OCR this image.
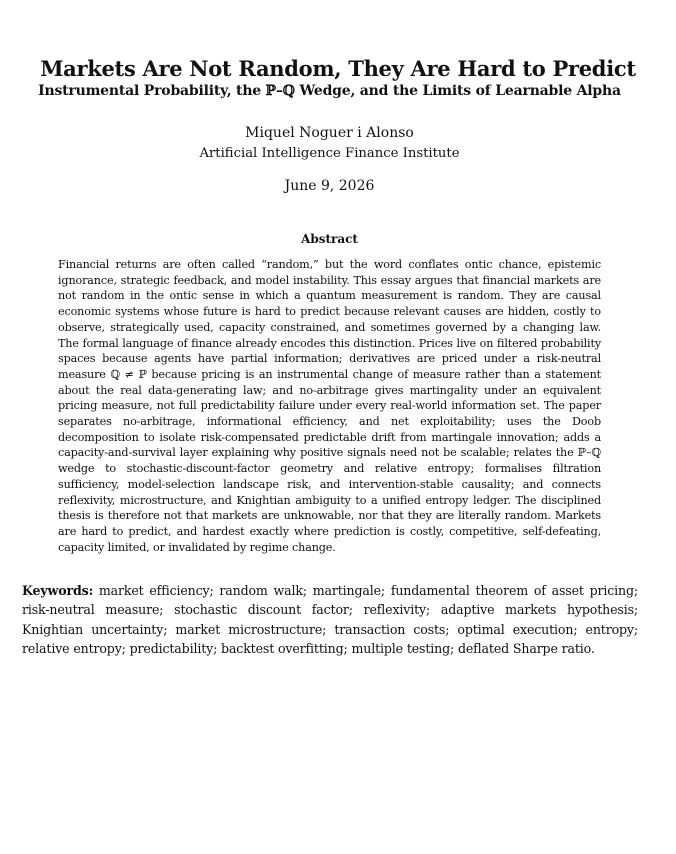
Markets Are Not Random, They Are Hard to Predict
Instrumental Probability, the ℙ–ℚ Wedge, and the Limits of Learnable Alpha

Miquel Noguer i Alonso

Artificial Intelligence Finance Institute

June 9, 2026

Abstract

Financial returns are often called “random,” but the word conflates ontic chance, epistemic ignorance, strategic feedback, and model instability. This essay argues that financial markets are not random in the ontic sense in which a quantum measurement is random. They are causal economic systems whose future is hard to predict because relevant causes are hidden, costly to observe, strategically used, capacity constrained, and sometimes governed by a changing law. The formal language of finance already encodes this distinction. Prices live on filtered probability spaces because agents have partial information; derivatives are priced under a risk-neutral measure ℚ ≠ ℙ because pricing is an instrumental change of measure rather than a statement about the real data-generating law; and no-arbitrage gives martingality under an equivalent pricing measure, not full predictability failure under every real-world information set. The paper separates no-arbitrage, informational efficiency, and net exploitability; uses the Doob decomposition to isolate risk-compensated predictable drift from martingale innovation; adds a capacity-and-survival layer explaining why positive signals need not be scalable; relates the ℙ–ℚ wedge to stochastic-discount-factor geometry and relative entropy; formalises filtration sufficiency, model-selection landscape risk, and intervention-stable causality; and connects reflexivity, microstructure, and Knightian ambiguity to a unified entropy ledger. The disciplined thesis is therefore not that markets are unknowable, nor that they are literally random. Markets are hard to predict, and hardest exactly where prediction is costly, competitive, self-defeating, capacity limited, or invalidated by regime change.

Keywords: market efficiency; random walk; martingale; fundamental theorem of asset pricing; risk-neutral measure; stochastic discount factor; reflexivity; adaptive markets hypothesis; Knightian uncertainty; market microstructure; transaction costs; optimal execution; entropy; relative entropy; predictability; backtest overfitting; multiple testing; deflated Sharpe ratio.
